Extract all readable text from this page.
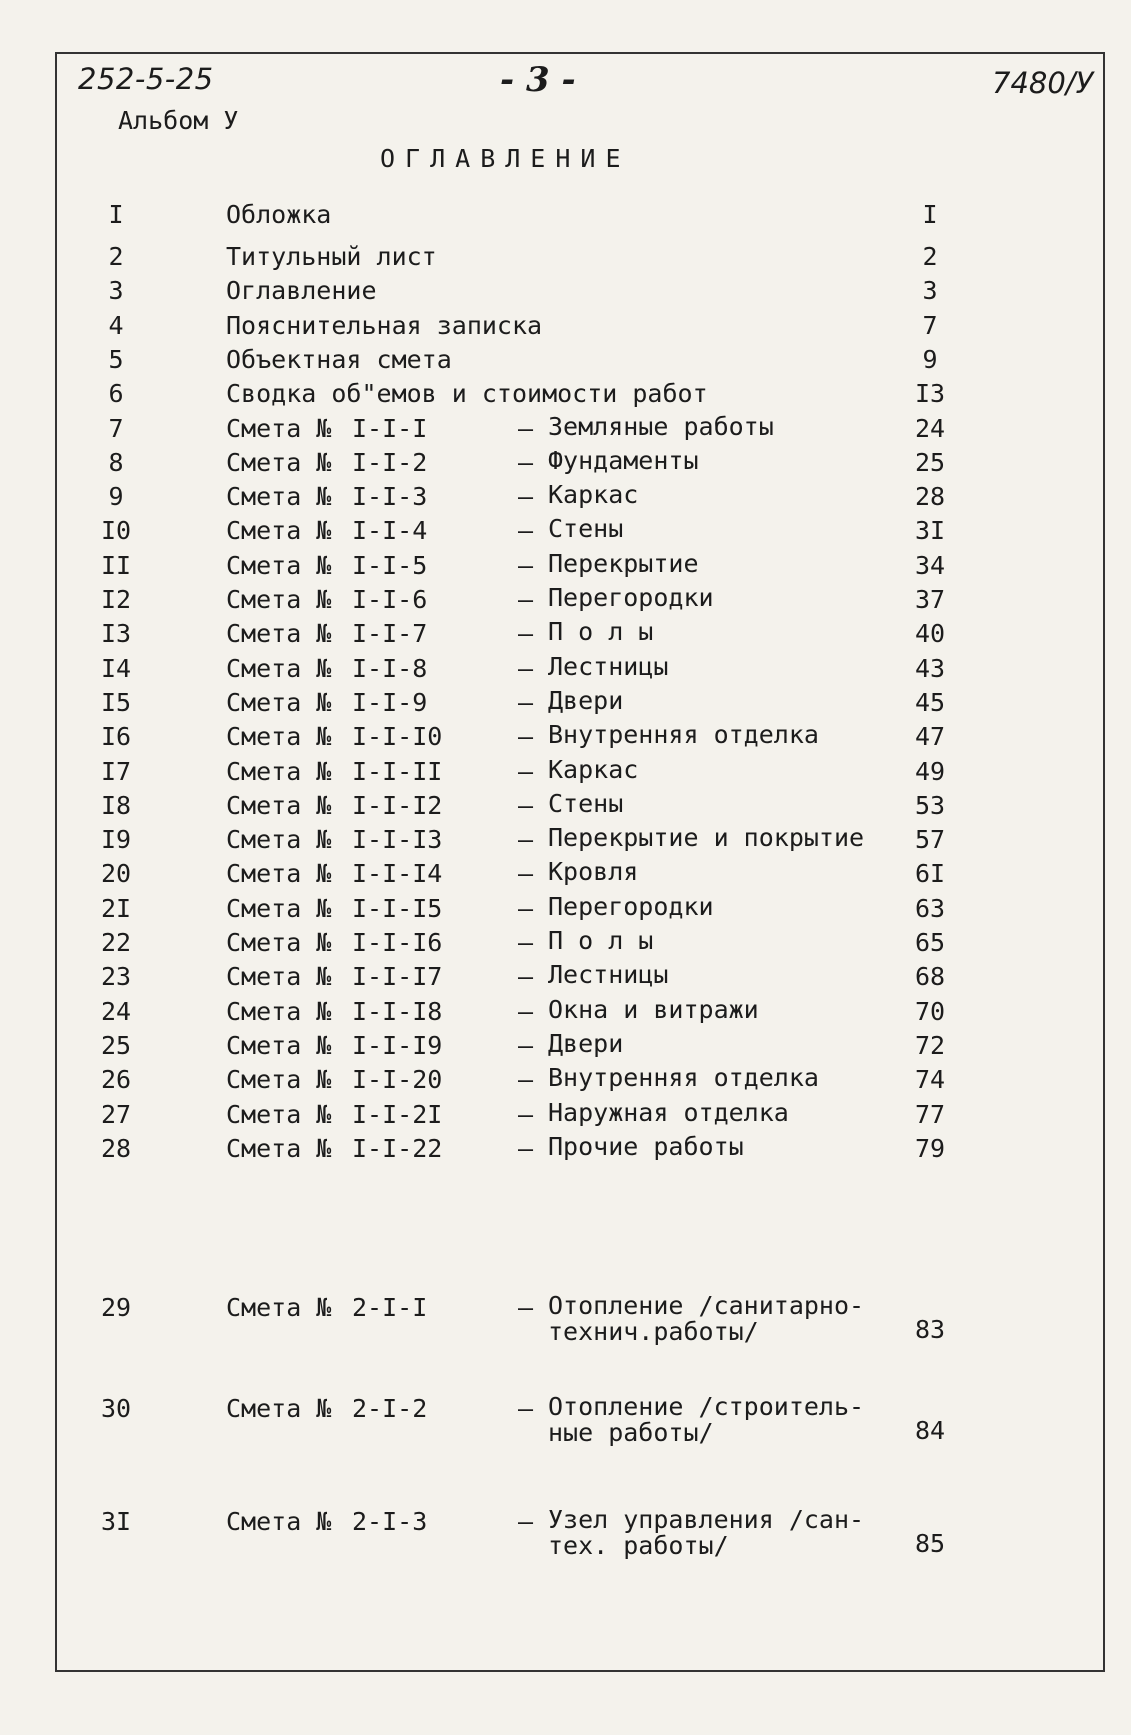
252-5-25
Альбом У
- 3 -	7480/У
ОГЛАВЛЕНИЕ
I	Обложка	I
2	Титульный лист	2
3	Оглавление	3
4	Пояснительная записка	7
5	Объектная смета	9
6	Сводка об"емов и стоимости работ	I3
7	Смета № I-I-I	– Земляные работы	24
8	Смета № I-I-2	– Фундаменты	25
9	Смета № I-I-3	– Каркас	28
I0	Смета № I-I-4	– Стены	3I
II	Смета № I-I-5	– Перекрытие	34
I2	Смета № I-I-6	– Перегородки	37
I3	Смета № I-I-7	– П о л ы	40
I4	Смета № I-I-8	– Лестницы	43
I5	Смета № I-I-9	– Двери	45
I6	Смета № I-I-I0	– Внутренняя отделка	47
I7	Смета № I-I-II	– Каркас	49
I8	Смета № I-I-I2	– Стены	53
I9	Смета № I-I-I3	– Перекрытие и покрытие	57
20	Смета № I-I-I4	– Кровля	6I
2I	Смета № I-I-I5	– Перегородки	63
22	Смета № I-I-I6	– П о л ы	65
23	Смета № I-I-I7	– Лестницы	68
24	Смета № I-I-I8	– Окна и витражи	70
25	Смета № I-I-I9	– Двери	72
26	Смета № I-I-20	– Внутренняя отделка	74
27	Смета № I-I-2I	– Наружная отделка	77
28	Смета № I-I-22	– Прочие работы	79
29	Смета № 2-I-I	– Отопление /санитарно-
технич.работы/	83
30	Смета № 2-I-2	– Отопление /строитель-
ные работы/	84
3I	Смета № 2-I-3	– Узел управления /сан-
тех. работы/	85
